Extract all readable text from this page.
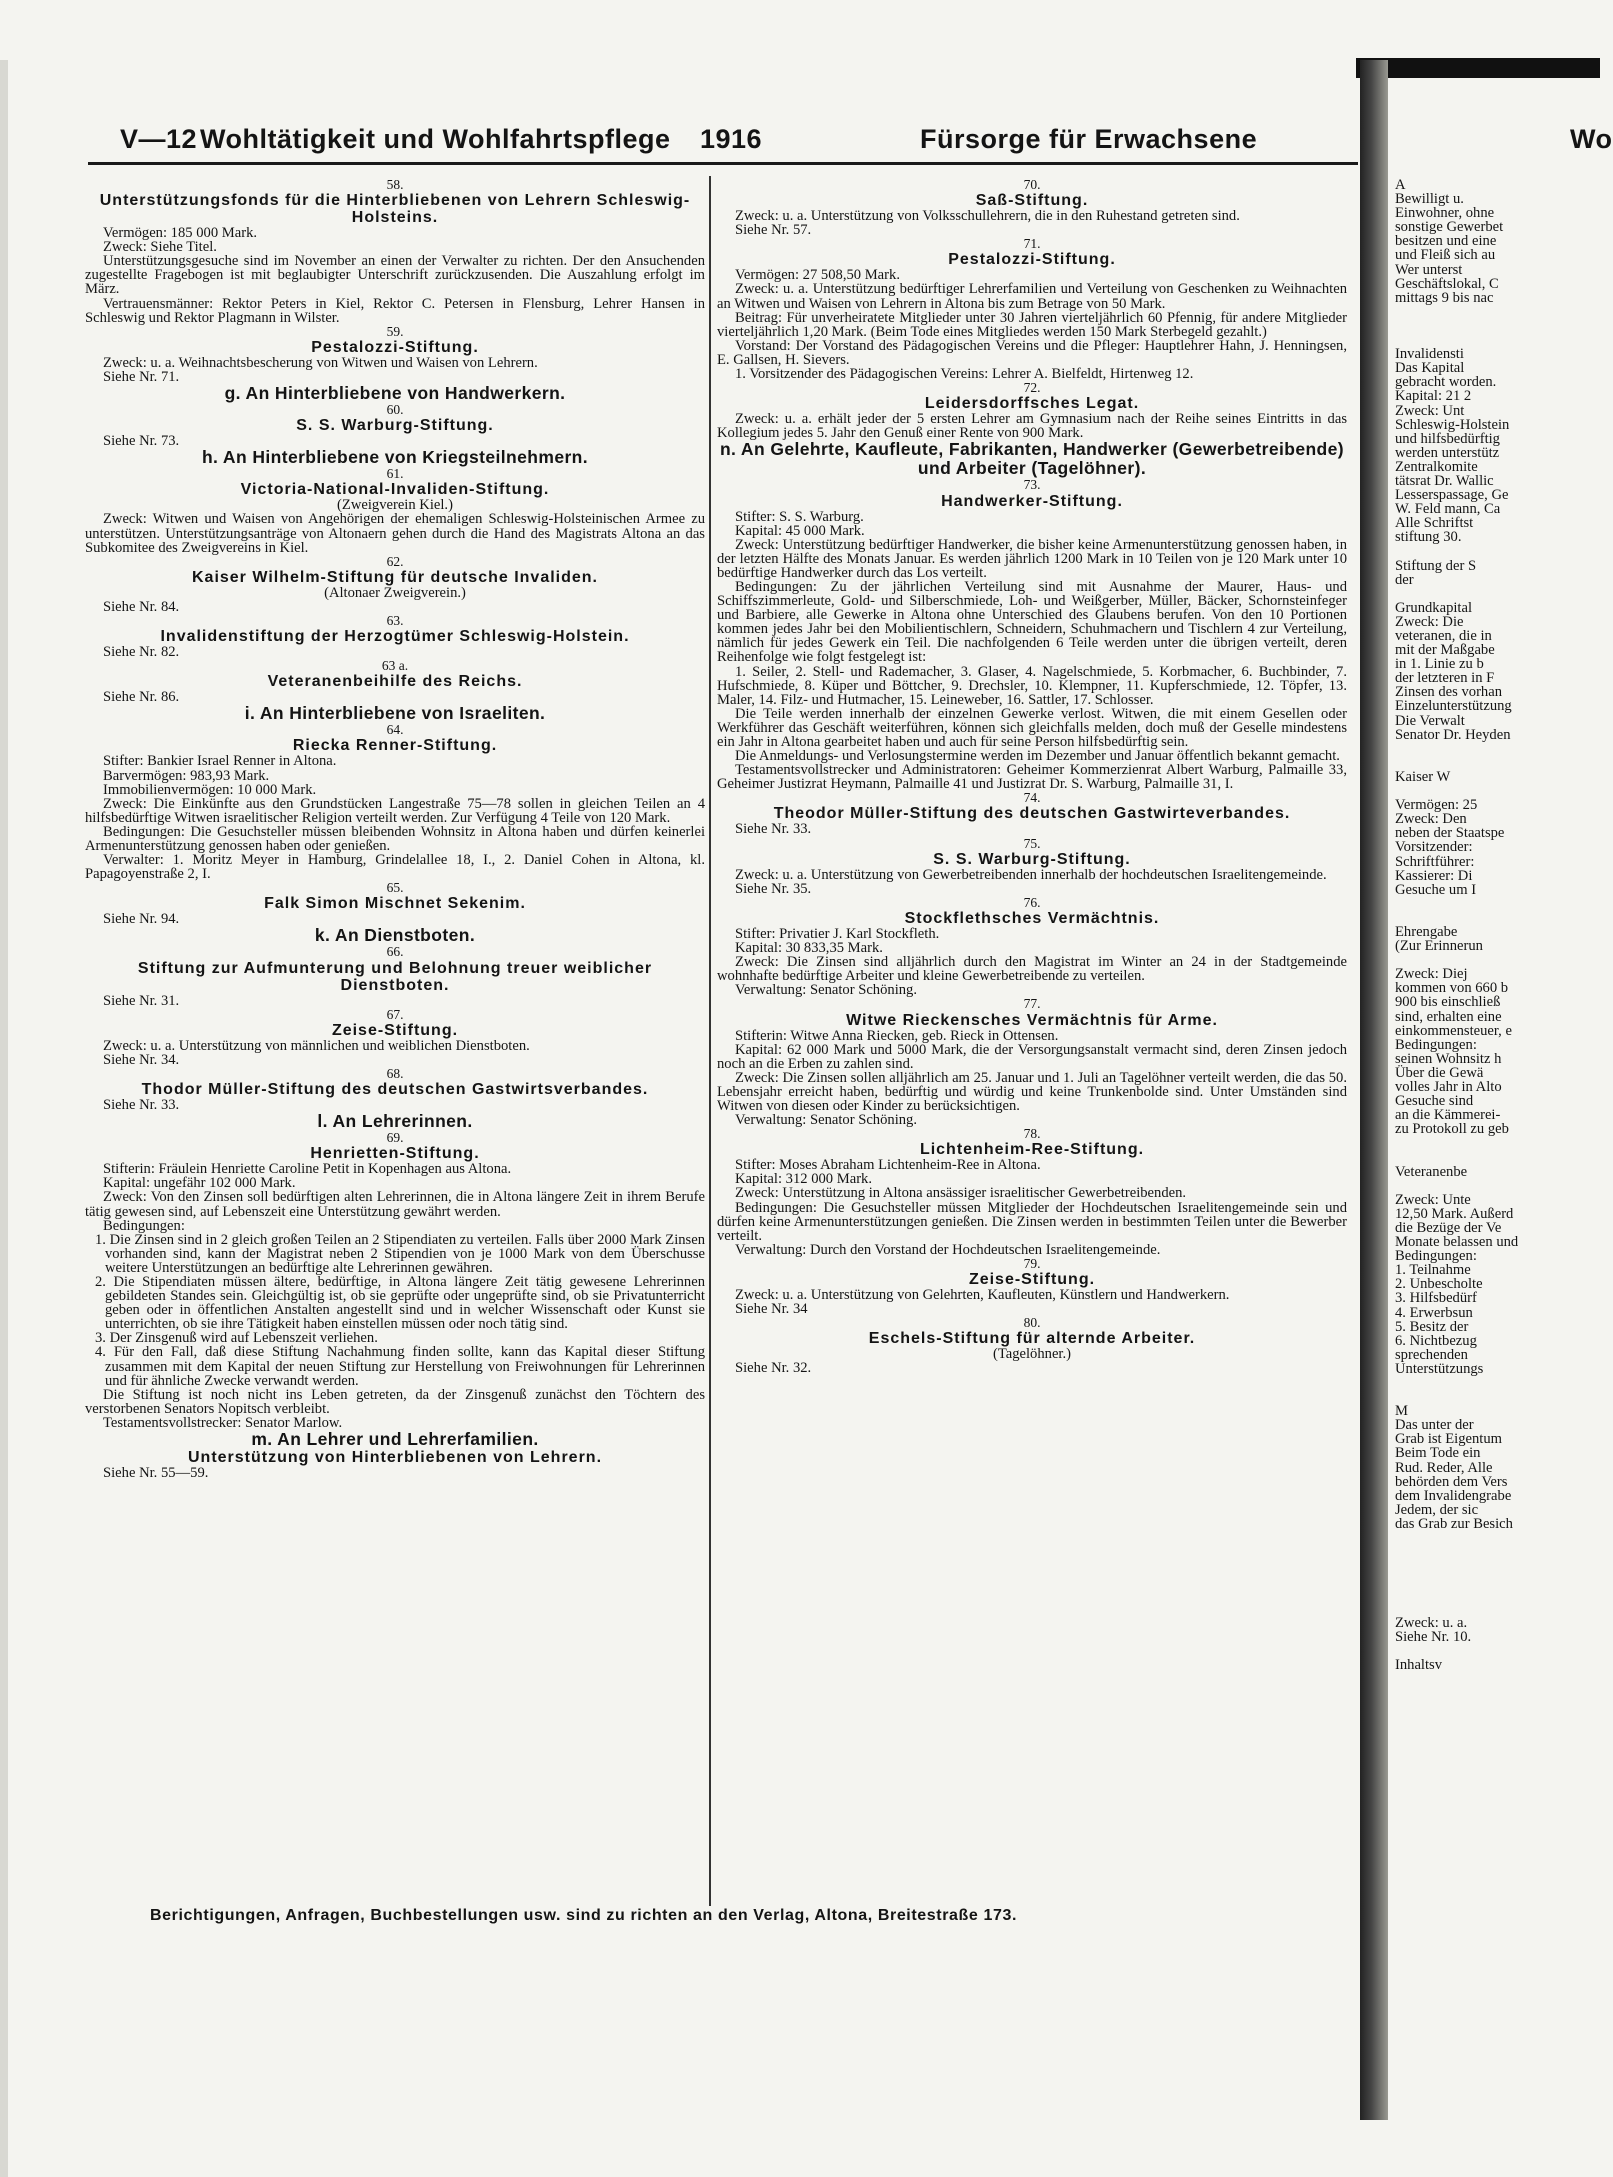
V—12 Wohltätigkeit und Wohlfahrtspflege 1916	Fürsorge für Erwachsene

58.

Unterstützungsfonds für die Hinterbliebenen von Lehrern Schleswig-Holsteins.

Vermögen: 185 000 Mark.

Zweck: Siehe Titel.

Unterstützungsgesuche sind im November an einen der Verwalter zu richten. Der den Ansuchenden zugestellte Fragebogen ist mit beglaubigter Unterschrift zurückzusenden. Die Auszahlung erfolgt im März.

Vertrauensmänner: Rektor Peters in Kiel, Rektor C. Petersen in Flensburg, Lehrer Hansen in Schleswig und Rektor Plagmann in Wilster.

59.

Pestalozzi-Stiftung.

Zweck: u. a. Weihnachtsbescherung von Witwen und Waisen von Lehrern.

Siehe Nr. 71.

g. An Hinterbliebene von Handwerkern.

60.

S. S. Warburg-Stiftung.

Siehe Nr. 73.

h. An Hinterbliebene von Kriegsteilnehmern.

61.

Victoria-National-Invaliden-Stiftung.

(Zweigverein Kiel.)

Zweck: Witwen und Waisen von Angehörigen der ehemaligen Schleswig-Holsteinischen Armee zu unterstützen. Unterstützungsanträge von Altonaern gehen durch die Hand des Magistrats Altona an das Subkomitee des Zweigvereins in Kiel.

62.

Kaiser Wilhelm-Stiftung für deutsche Invaliden.

(Altonaer Zweigverein.)

Siehe Nr. 84.

63.

Invalidenstiftung der Herzogtümer Schleswig-Holstein.

Siehe Nr. 82.

63 a.

Veteranenbeihilfe des Reichs.

Siehe Nr. 86.

i. An Hinterbliebene von Israeliten.

64.

Riecka Renner-Stiftung.

Stifter: Bankier Israel Renner in Altona.

Barvermögen: 983,93 Mark.

Immobilienvermögen: 10 000 Mark.

Zweck: Die Einkünfte aus den Grundstücken Langestraße 75—78 sollen in gleichen Teilen an 4 hilfsbedürftige Witwen israelitischer Religion verteilt werden. Zur Verfügung 4 Teile von 120 Mark.

Bedingungen: Die Gesuchsteller müssen bleibenden Wohnsitz in Altona haben und dürfen keinerlei Armenunterstützung genossen haben oder genießen.

Verwalter: 1. Moritz Meyer in Hamburg, Grindelallee 18, I., 2. Daniel Cohen in Altona, kl. Papagoyenstraße 2, I.

65.

Falk Simon Mischnet Sekenim.

Siehe Nr. 94.

k. An Dienstboten.

66.

Stiftung zur Aufmunterung und Belohnung treuer weiblicher Dienstboten.

Siehe Nr. 31.

67.

Zeise-Stiftung.

Zweck: u. a. Unterstützung von männlichen und weiblichen Dienstboten.

Siehe Nr. 34.

68.

Thodor Müller-Stiftung des deutschen Gastwirtsverbandes.

Siehe Nr. 33.

l. An Lehrerinnen.

69.

Henrietten-Stiftung.

Stifterin: Fräulein Henriette Caroline Petit in Kopenhagen aus Altona.

Kapital: ungefähr 102 000 Mark.

Zweck: Von den Zinsen soll bedürftigen alten Lehrerinnen, die in Altona längere Zeit in ihrem Berufe tätig gewesen sind, auf Lebenszeit eine Unterstützung gewährt werden.

Bedingungen:

1. Die Zinsen sind in 2 gleich großen Teilen an 2 Stipendiaten zu verteilen. Falls über 2000 Mark Zinsen vorhanden sind, kann der Magistrat neben 2 Stipendien von je 1000 Mark von dem Überschusse weitere Unterstützungen an bedürftige alte Lehrerinnen gewähren.

2. Die Stipendiaten müssen ältere, bedürftige, in Altona längere Zeit tätig gewesene Lehrerinnen gebildeten Standes sein. Gleichgültig ist, ob sie geprüfte oder ungeprüfte sind, ob sie Privatunterricht geben oder in öffentlichen Anstalten angestellt sind und in welcher Wissenschaft oder Kunst sie unterrichten, ob sie ihre Tätigkeit haben einstellen müssen oder noch tätig sind.

3. Der Zinsgenuß wird auf Lebenszeit verliehen.

4. Für den Fall, daß diese Stiftung Nachahmung finden sollte, kann das Kapital dieser Stiftung zusammen mit dem Kapital der neuen Stiftung zur Herstellung von Freiwohnungen für Lehrerinnen und für ähnliche Zwecke verwandt werden.

Die Stiftung ist noch nicht ins Leben getreten, da der Zinsgenuß zunächst den Töchtern des verstorbenen Senators Nopitsch verbleibt.

Testamentsvollstrecker: Senator Marlow.

m. An Lehrer und Lehrerfamilien.

Unterstützung von Hinterbliebenen von Lehrern.

Siehe Nr. 55—59.

70.

Saß-Stiftung.

Zweck: u. a. Unterstützung von Volksschullehrern, die in den Ruhestand getreten sind.

Siehe Nr. 57.

71.

Pestalozzi-Stiftung.

Vermögen: 27 508,50 Mark.

Zweck: u. a. Unterstützung bedürftiger Lehrerfamilien und Verteilung von Geschenken zu Weihnachten an Witwen und Waisen von Lehrern in Altona bis zum Betrage von 50 Mark.

Beitrag: Für unverheiratete Mitglieder unter 30 Jahren vierteljährlich 60 Pfennig, für andere Mitglieder vierteljährlich 1,20 Mark. (Beim Tode eines Mitgliedes werden 150 Mark Sterbegeld gezahlt.)

Vorstand: Der Vorstand des Pädagogischen Vereins und die Pfleger: Hauptlehrer Hahn, J. Henningsen, E. Gallsen, H. Sievers.

1. Vorsitzender des Pädagogischen Vereins: Lehrer A. Bielfeldt, Hirtenweg 12.

72.

Leidersdorffsches Legat.

Zweck: u. a. erhält jeder der 5 ersten Lehrer am Gymnasium nach der Reihe seines Eintritts in das Kollegium jedes 5. Jahr den Genuß einer Rente von 900 Mark.

n. An Gelehrte, Kaufleute, Fabrikanten, Handwerker (Gewerbetreibende) und Arbeiter (Tagelöhner).

73.

Handwerker-Stiftung.

Stifter: S. S. Warburg.

Kapital: 45 000 Mark.

Zweck: Unterstützung bedürftiger Handwerker, die bisher keine Armenunterstützung genossen haben, in der letzten Hälfte des Monats Januar. Es werden jährlich 1200 Mark in 10 Teilen von je 120 Mark unter 10 bedürftige Handwerker durch das Los verteilt.

Bedingungen: Zu der jährlichen Verteilung sind mit Ausnahme der Maurer, Haus- und Schiffszimmerleute, Gold- und Silberschmiede, Loh- und Weißgerber, Müller, Bäcker, Schornsteinfeger und Barbiere, alle Gewerke in Altona ohne Unterschied des Glaubens berufen. Von den 10 Portionen kommen jedes Jahr bei den Mobilientischlern, Schneidern, Schuhmachern und Tischlern 4 zur Verteilung, nämlich für jedes Gewerk ein Teil. Die nachfolgenden 6 Teile werden unter die übrigen verteilt, deren Reihenfolge wie folgt festgelegt ist:

1. Seiler, 2. Stell- und Rademacher, 3. Glaser, 4. Nagelschmiede, 5. Korbmacher, 6. Buchbinder, 7. Hufschmiede, 8. Küper und Böttcher, 9. Drechsler, 10. Klempner, 11. Kupferschmiede, 12. Töpfer, 13. Maler, 14. Filz- und Hutmacher, 15. Leineweber, 16. Sattler, 17. Schlosser.

Die Teile werden innerhalb der einzelnen Gewerke verlost. Witwen, die mit einem Gesellen oder Werkführer das Geschäft weiterführen, können sich gleichfalls melden, doch muß der Geselle mindestens ein Jahr in Altona gearbeitet haben und auch für seine Person hilfsbedürftig sein.

Die Anmeldungs- und Verlosungstermine werden im Dezember und Januar öffentlich bekannt gemacht.

Testamentsvollstrecker und Administratoren: Geheimer Kommerzienrat Albert Warburg, Palmaille 33, Geheimer Justizrat Heymann, Palmaille 41 und Justizrat Dr. S. Warburg, Palmaille 31, I.

74.

Theodor Müller-Stiftung des deutschen Gastwirteverbandes.

Siehe Nr. 33.

75.

S. S. Warburg-Stiftung.

Zweck: u. a. Unterstützung von Gewerbetreibenden innerhalb der hochdeutschen Israelitengemeinde.

Siehe Nr. 35.

76.

Stockflethsches Vermächtnis.

Stifter: Privatier J. Karl Stockfleth.

Kapital: 30 833,35 Mark.

Zweck: Die Zinsen sind alljährlich durch den Magistrat im Winter an 24 in der Stadtgemeinde wohnhafte bedürftige Arbeiter und kleine Gewerbetreibende zu verteilen.

Verwaltung: Senator Schöning.

77.

Witwe Rieckensches Vermächtnis für Arme.

Stifterin: Witwe Anna Riecken, geb. Rieck in Ottensen.

Kapital: 62 000 Mark und 5000 Mark, die der Versorgungsanstalt vermacht sind, deren Zinsen jedoch noch an die Erben zu zahlen sind.

Zweck: Die Zinsen sollen alljährlich am 25. Januar und 1. Juli an Tagelöhner verteilt werden, die das 50. Lebensjahr erreicht haben, bedürftig und würdig und keine Trunkenbolde sind. Unter Umständen sind Witwen von diesen oder Kinder zu berücksichtigen.

Verwaltung: Senator Schöning.

78.

Lichtenheim-Ree-Stiftung.

Stifter: Moses Abraham Lichtenheim-Ree in Altona.

Kapital: 312 000 Mark.

Zweck: Unterstützung in Altona ansässiger israelitischer Gewerbetreibenden.

Bedingungen: Die Gesuchsteller müssen Mitglieder der Hochdeutschen Israelitengemeinde sein und dürfen keine Armenunterstützungen genießen. Die Zinsen werden in bestimmten Teilen unter die Bewerber verteilt.

Verwaltung: Durch den Vorstand der Hochdeutschen Israelitengemeinde.

79.

Zeise-Stiftung.

Zweck: u. a. Unterstützung von Gelehrten, Kaufleuten, Künstlern und Handwerkern.

Siehe Nr. 34

80.

Eschels-Stiftung für alternde Arbeiter.

(Tagelöhner.)

Siehe Nr. 32.

Berichtigungen, Anfragen, Buchbestellungen usw. sind zu richten an den Verlag, Altona, Breitestraße 173.
Wo

A

Bewilligt u.

Einwohner, ohne

sonstige Gewerbet

besitzen und eine

und Fleiß sich au

Wer unterst

Geschäftslokal, C

mittags 9 bis nac

Invalidensti

Das Kapital

gebracht worden.

Kapital: 21 2

Zweck: Unt

Schleswig-Holstein

und hilfsbedürftig

werden unterstütz

Zentralkomite

tätsrat Dr. Wallic

Lesserspassage, Ge

W. Feld mann, Ca

Alle Schriftst

stiftung 30.

Stiftung der S

der

Grundkapital

Zweck: Die

veteranen, die in

mit der Maßgabe

in 1. Linie zu b

der letzteren in F

Zinsen des vorhan

Einzelunterstützung

Die Verwalt

Senator Dr. Heyden

Kaiser W

Vermögen: 25

Zweck: Den

neben der Staatspe

Vorsitzender:

Schriftführer:

Kassierer: Di

Gesuche um I

Ehrengabe

(Zur Erinnerun

Zweck: Diej

kommen von 660 b

900 bis einschließ

sind, erhalten eine

einkommensteuer, e

Bedingungen:

seinen Wohnsitz h

Über die Gewä

volles Jahr in Alto

Gesuche sind

an die Kämmerei-

zu Protokoll zu geb

Veteranenbe

Zweck: Unte

12,50 Mark. Außerd

die Bezüge der Ve

Monate belassen und

Bedingungen:

1. Teilnahme

2. Unbescholte

3. Hilfsbedürf

4. Erwerbsun

5. Besitz der

6. Nichtbezug

sprechenden

Unterstützungs

M

Das unter der

Grab ist Eigentum

Beim Tode ein

Rud. Reder, Alle

behörden dem Vers

dem Invalidengrabe

Jedem, der sic

das Grab zur Besich

Zweck: u. a.

Siehe Nr. 10.

Inhaltsv
